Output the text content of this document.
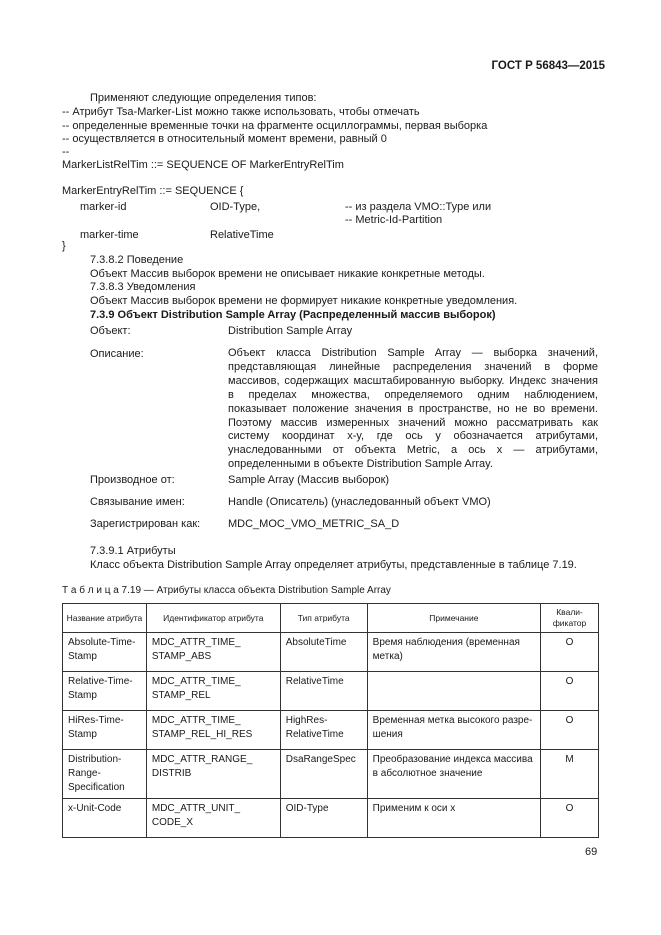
ГОСТ Р 56843—2015
Применяют следующие определения типов:
-- Атрибут Tsa-Marker-List можно также использовать, чтобы отмечать
-- определенные временные точки на фрагменте осциллограммы, первая выборка
-- осуществляется в относительный момент времени, равный 0
--
MarkerListRelTim ::= SEQUENCE OF MarkerEntryRelTim
MarkerEntryRelTim ::= SEQUENCE {
marker-id	OID-Type,	-- из раздела VMO::Type или
-- Metric-Id-Partition
marker-time	RelativeTime
}
7.3.8.2 Поведение
Объект Массив выборок времени не описывает никакие конкретные методы.
7.3.8.3 Уведомления
Объект Массив выборок времени не формирует никакие конкретные уведомления.
7.3.9 Объект Distribution Sample Array (Распределенный массив выборок)
Объект:	Distribution Sample Array
Описание:	Объект класса Distribution Sample Array — выборка значений, представляющая линейные распределения значений в форме массивов, содержащих масштабированную выборку. Индекс значения в пределах множества, определяемого одним наблюдением, показывает положение значения в пространстве, но не во времени. Поэтому массив измеренных значений можно рассматривать как систему координат x-y, где ось y обозначается атрибутами, унаследованными от объекта Metric, а ось x — атрибутами, определенными в объекте Distribution Sample Array.
Производное от:	Sample Array (Массив выборок)
Связывание имен:	Handle (Описатель) (унаследованный объект VMO)
Зарегистрирован как:	MDC_MOC_VMO_METRIC_SA_D
7.3.9.1 Атрибуты
Класс объекта Distribution Sample Array определяет атрибуты, представленные в таблице 7.19.
Т а б л и ц а 7.19 — Атрибуты класса объекта Distribution Sample Array
Название атрибута	Идентификатор атрибута	Тип атрибута	Примечание	Квали-фикатор
Absolute-Time-Stamp	MDC_ATTR_TIME_ STAMP_ABS	AbsoluteTime	Время наблюдения (временная метка)	O
Relative-Time-Stamp	MDC_ATTR_TIME_ STAMP_REL	RelativeTime		O
HiRes-Time-Stamp	MDC_ATTR_TIME_ STAMP_REL_HI_RES	HighRes-RelativeTime	Временная метка высокого разре-шения	O
Distribution-Range-Specification	MDC_ATTR_RANGE_ DISTRIB	DsaRangeSpec	Преобразование индекса массива в абсолютное значение	M
x-Unit-Code	MDC_ATTR_UNIT_ CODE_X	OID-Type	Применим к оси x	O
69
